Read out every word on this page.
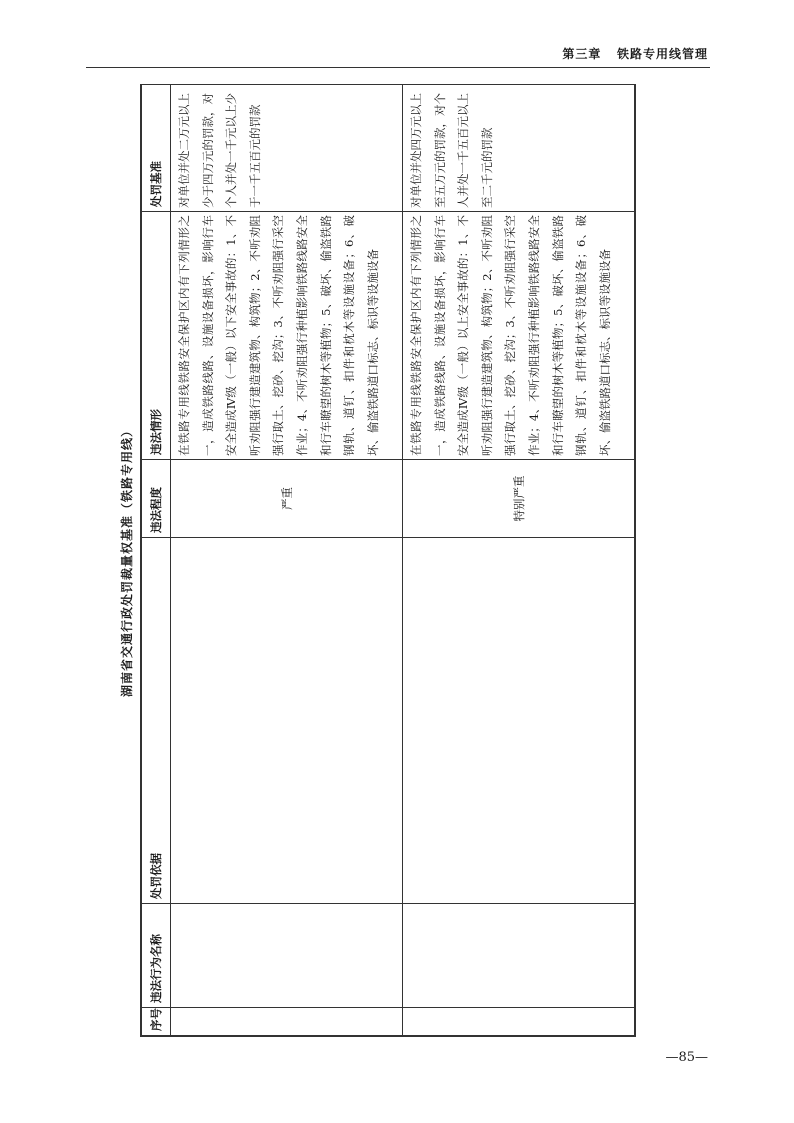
第三章 铁路专用线管理
湖南省交通行政处罚裁量权基准（铁路专用线）
序号	违法行为名称	处罚依据	违法程度	违法情形	处罚基准
			严重	在铁路专用线铁路安全保护区内有下列情形之一，造成铁路线路、设施设备损坏，影响行车安全造成Ⅳ级（一般）以下安全事故的：1、不听劝阻强行建造建筑物、构筑物；2、不听劝阻强行取土、挖砂、挖沟；3、不听劝阻强行采空作业；4、不听劝阻强行种植影响铁路线路安全和行车瞭望的树木等植物；5、破坏、偷盗铁路钢轨、道钉、扣件和枕木等设施设备；6、破坏、偷盗铁路道口标志、标识等设施设备	对单位并处二万元以上少于四万元的罚款，对个人并处一千元以上少于一千五百元的罚款
			特别严重	在铁路专用线铁路安全保护区内有下列情形之一，造成铁路线路、设施设备损坏，影响行车安全造成Ⅳ级（一般）以上安全事故的：1、不听劝阻强行建造建筑物、构筑物；2、不听劝阻强行取土、挖砂、挖沟；3、不听劝阻强行采空作业；4、不听劝阻强行种植影响铁路线路安全和行车瞭望的树木等植物；5、破坏、偷盗铁路钢轨、道钉、扣件和枕木等设施设备；6、破坏、偷盗铁路道口标志、标识等设施设备	对单位并处四万元以上至五万元的罚款，对个人并处一千五百元以上至二千元的罚款
—85—
